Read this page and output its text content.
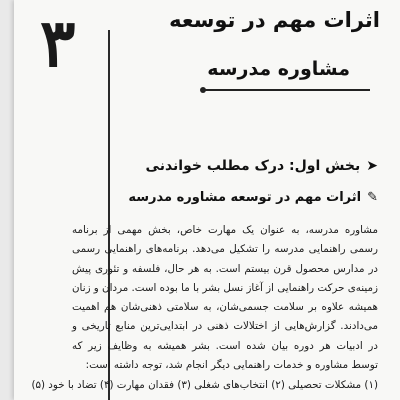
۳	اثرات مهم در توسعه
مشاوره مدرسه
➤بخش اول: درک مطلب خواندنی
✎اثرات مهم در توسعه مشاوره مدرسه

مشاوره مدرسه، به عنوان یک مهارت خاص، بخش مهمی از برنامه رسمی راهنمایی مدرسه را تشکیل می‌دهد. برنامه‌های راهنمایی رسمی در مدارس محصول قرن بیستم است. به هر حال، فلسفه و تئوری پیش زمینه‌ی حرکت راهنمایی از آغاز نسل بشر با ما بوده است. مردان و زنان همیشه علاوه بر سلامت جسمی‌شان، به سلامتی ذهنی‌شان هم اهمیت می‌دادند. گزارش‌هایی از اختلالات ذهنی در ابتدایی‌ترین منابع تاریخی و در ادبیات هر دوره بیان شده است. بشر همیشه به وظایف زیر که توسط مشاوره و خدمات راهنمایی دیگر انجام شد، توجه داشته است:

(۱) مشکلات تحصیلی (۲) انتخاب‌های شغلی (۳) فقدان مهارت (۴) تضاد با خود (۵)
